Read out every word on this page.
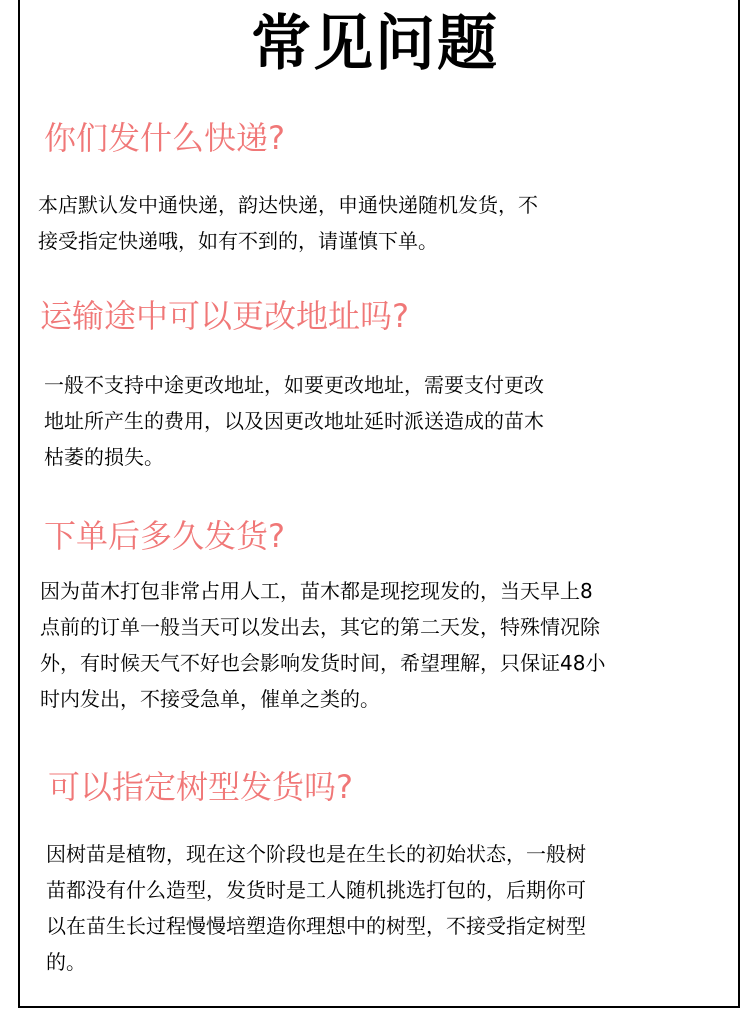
常见问题
你们发什么快递?
本店默认发中通快递，韵达快递，申通快递随机发货，不
接受指定快递哦，如有不到的，请谨慎下单。
运输途中可以更改地址吗?
一般不支持中途更改地址，如要更改地址，需要支付更改
地址所产生的费用，以及因更改地址延时派送造成的苗木
枯萎的损失。
下单后多久发货?
因为苗木打包非常占用人工，苗木都是现挖现发的，当天早上8
点前的订单一般当天可以发出去，其它的第二天发，特殊情况除
外，有时候天气不好也会影响发货时间，希望理解，只保证48小
时内发出，不接受急单，催单之类的。
可以指定树型发货吗?
因树苗是植物，现在这个阶段也是在生长的初始状态，一般树
苗都没有什么造型，发货时是工人随机挑选打包的，后期你可
以在苗生长过程慢慢培塑造你理想中的树型，不接受指定树型
的。
